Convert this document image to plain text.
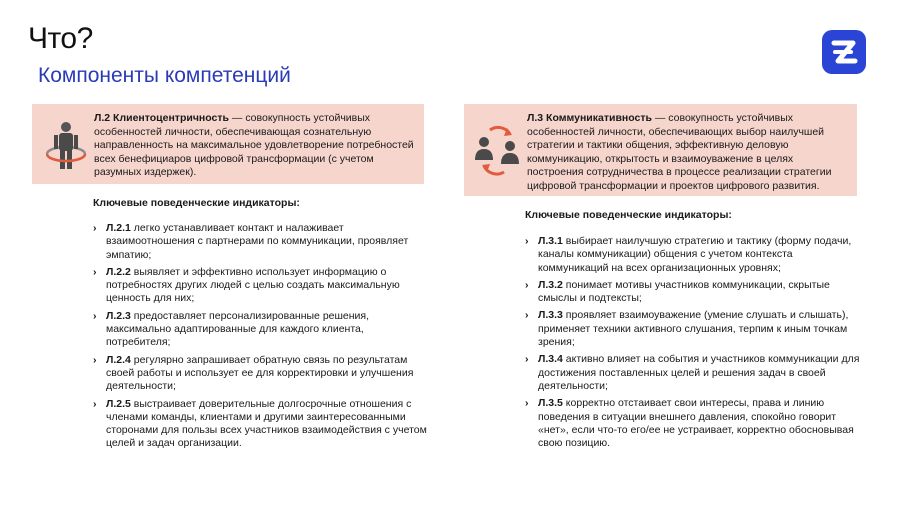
Что?
Компоненты компетенций
Л.2 Клиентоцентричность — совокупность устойчивых особенностей личности, обеспечивающая сознательную направленность на максимальное удовлетворение потребностей всех бенефициаров цифровой трансформации (с учетом разумных издержек).
Ключевые поведенческие индикаторы:
› Л.2.1 легко устанавливает контакт и налаживает взаимоотношения с партнерами по коммуникации, проявляет эмпатию;
› Л.2.2 выявляет и эффективно использует информацию о потребностях других людей с целью создать максимальную ценность для них;
› Л.2.3 предоставляет персонализированные решения, максимально адаптированные для каждого клиента, потребителя;
› Л.2.4 регулярно запрашивает обратную связь по результатам своей работы и использует ее для корректировки и улучшения деятельности;
› Л.2.5 выстраивает доверительные долгосрочные отношения с членами команды, клиентами и другими заинтересованными сторонами для пользы всех участников взаимодействия с учетом целей и задач организации.
Л.3 Коммуникативность — совокупность устойчивых особенностей личности, обеспечивающих выбор наилучшей стратегии и тактики общения, эффективную деловую коммуникацию, открытость и взаимоуважение в целях построения сотрудничества в процессе реализации стратегии цифровой трансформации и проектов цифрового развития.
Ключевые поведенческие индикаторы:
› Л.3.1 выбирает наилучшую стратегию и тактику (форму подачи, каналы коммуникации) общения с учетом контекста коммуникаций на всех организационных уровнях;
› Л.3.2 понимает мотивы участников коммуникации, скрытые смыслы и подтексты;
› Л.3.3 проявляет взаимоуважение (умение слушать и слышать), применяет техники активного слушания, терпим к иным точкам зрения;
› Л.3.4 активно влияет на события и участников коммуникации для достижения поставленных целей и решения задач в своей деятельности;
› Л.3.5 корректно отстаивает свои интересы, права и линию поведения в ситуации внешнего давления, спокойно говорит «нет», если что-то его/ее не устраивает, корректно обосновывая свою позицию.
